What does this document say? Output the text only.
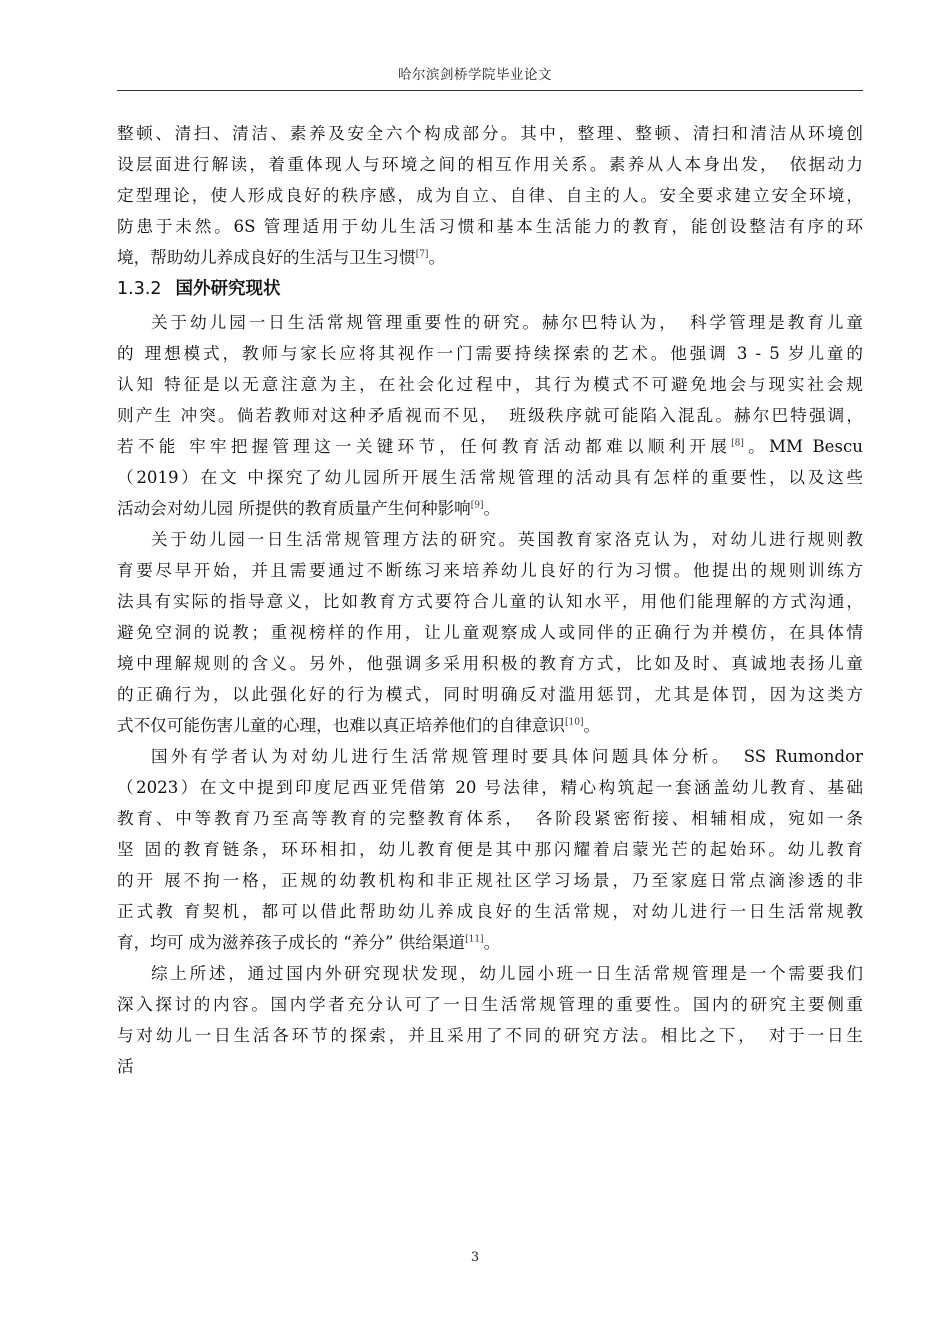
哈尔滨剑桥学院毕业论文
整顿、清扫、清洁、素养及安全六个构成部分。其中，整理、整顿、清扫和清洁从环境创
设层面进行解读，着重体现人与环境之间的相互作用关系。素养从人本身出发，　依据动力
定型理论，使人形成良好的秩序感，成为自立、自律、自主的人。安全要求建立安全环境，
防患于未然。6S 管理适用于幼儿生活习惯和基本生活能力的教育，能创设整洁有序的环
境，帮助幼儿养成良好的生活与卫生习惯[7]。
1.3.2 国外研究现状
关于幼儿园一日生活常规管理重要性的研究。赫尔巴特认为，　科学管理是教育儿童
的 理想模式，教师与家长应将其视作一门需要持续探索的艺术。他强调 3 - 5 岁儿童的
认知 特征是以无意注意为主，在社会化过程中，其行为模式不可避免地会与现实社会规
则产生 冲突。倘若教师对这种矛盾视而不见，　班级秩序就可能陷入混乱。赫尔巴特强调，
若不能 牢牢把握管理这一关键环节，任何教育活动都难以顺利开展[8]。MM Bescu
（2019）在文 中探究了幼儿园所开展生活常规管理的活动具有怎样的重要性，以及这些
活动会对幼儿园 所提供的教育质量产生何种影响[9]。
关于幼儿园一日生活常规管理方法的研究。英国教育家洛克认为，对幼儿进行规则教
育要尽早开始，并且需要通过不断练习来培养幼儿良好的行为习惯。他提出的规则训练方
法具有实际的指导意义，比如教育方式要符合儿童的认知水平，用他们能理解的方式沟通，
避免空洞的说教；重视榜样的作用，让儿童观察成人或同伴的正确行为并模仿，在具体情
境中理解规则的含义。另外，他强调多采用积极的教育方式，比如及时、真诚地表扬儿童
的正确行为，以此强化好的行为模式，同时明确反对滥用惩罚，尤其是体罚，因为这类方
式不仅可能伤害儿童的心理，也难以真正培养他们的自律意识[10]。
国外有学者认为对幼儿进行生活常规管理时要具体问题具体分析。　SS Rumondor
（2023）在文中提到印度尼西亚凭借第 20 号法律，精心构筑起一套涵盖幼儿教育、基础
教育、中等教育乃至高等教育的完整教育体系，　各阶段紧密衔接、相辅相成，宛如一条
坚 固的教育链条，环环相扣，幼儿教育便是其中那闪耀着启蒙光芒的起始环。幼儿教育
的开 展不拘一格，正规的幼教机构和非正规社区学习场景，乃至家庭日常点滴渗透的非
正式教 育契机，都可以借此帮助幼儿养成良好的生活常规，对幼儿进行一日生活常规教
育，均可 成为滋养孩子成长的 “养分” 供给渠道[11]。
综上所述，通过国内外研究现状发现，幼儿园小班一日生活常规管理是一个需要我们
深入探讨的内容。国内学者充分认可了一日生活常规管理的重要性。国内的研究主要侧重
与对幼儿一日生活各环节的探索，并且采用了不同的研究方法。相比之下，　对于一日生
活
3
